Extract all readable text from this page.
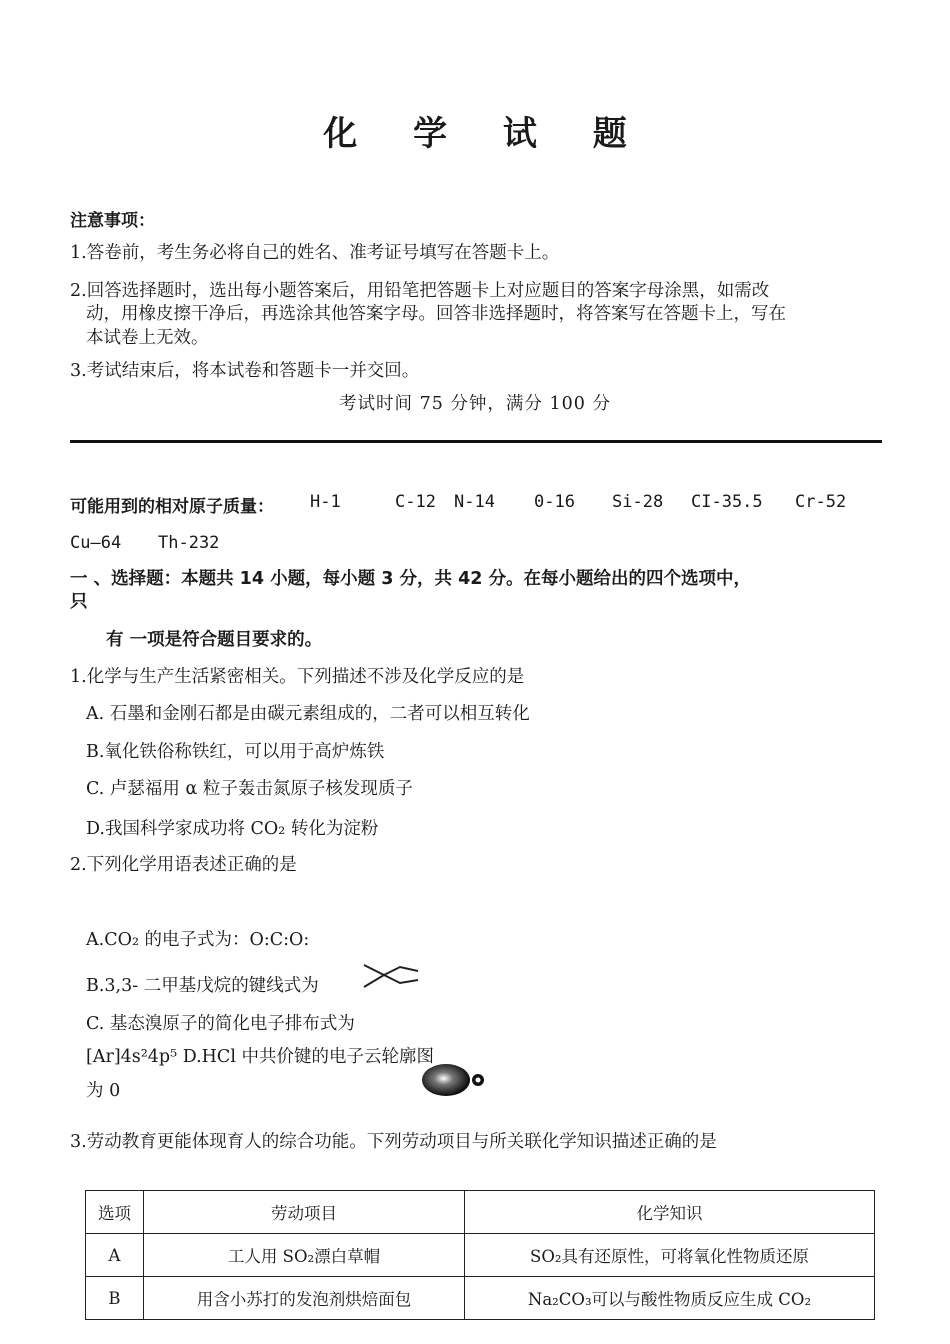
化 学 试 题
注意事项：
1.答卷前，考生务必将自己的姓名、准考证号填写在答题卡上。
2.回答选择题时，选出每小题答案后，用铅笔把答题卡上对应题目的答案字母涂黑，如需改
动，用橡皮擦干净后，再选涂其他答案字母。回答非选择题时，将答案写在答题卡上，写在
本试卷上无效。
3.考试结束后，将本试卷和答题卡一并交回。
考试时间 75 分钟，满分 100 分
可能用到的相对原子质量： H-1	C-12 N-14 0-16 Si-28 CI-35.5 Cr-52
Cu—64 Th-232
一 、选择题：本题共 14 小题，每小题 3 分，共 42 分。在每小题给出的四个选项中，
只
有 一项是符合题目要求的。
1.化学与生产生活紧密相关。下列描述不涉及化学反应的是
A. 石墨和金刚石都是由碳元素组成的，二者可以相互转化
B.氧化铁俗称铁红，可以用于高炉炼铁
C. 卢瑟福用 α 粒子轰击氮原子核发现质子
D.我国科学家成功将 CO₂ 转化为淀粉
2.下列化学用语表述正确的是
A.CO₂ 的电子式为：O:C:O:
B.3,3- 二甲基戊烷的键线式为
C. 基态溴原子的简化电子排布式为
[Ar]4s²4p⁵ D.HCl 中共价键的电子云轮廓图
为 0
3.劳动教育更能体现育人的综合功能。下列劳动项目与所关联化学知识描述正确的是
选项	劳动项目	化学知识
A	工人用 SO₂漂白草帽	SO₂具有还原性，可将氧化性物质还原
B	用含小苏打的发泡剂烘焙面包	Na₂CO₃可以与酸性物质反应生成 CO₂
